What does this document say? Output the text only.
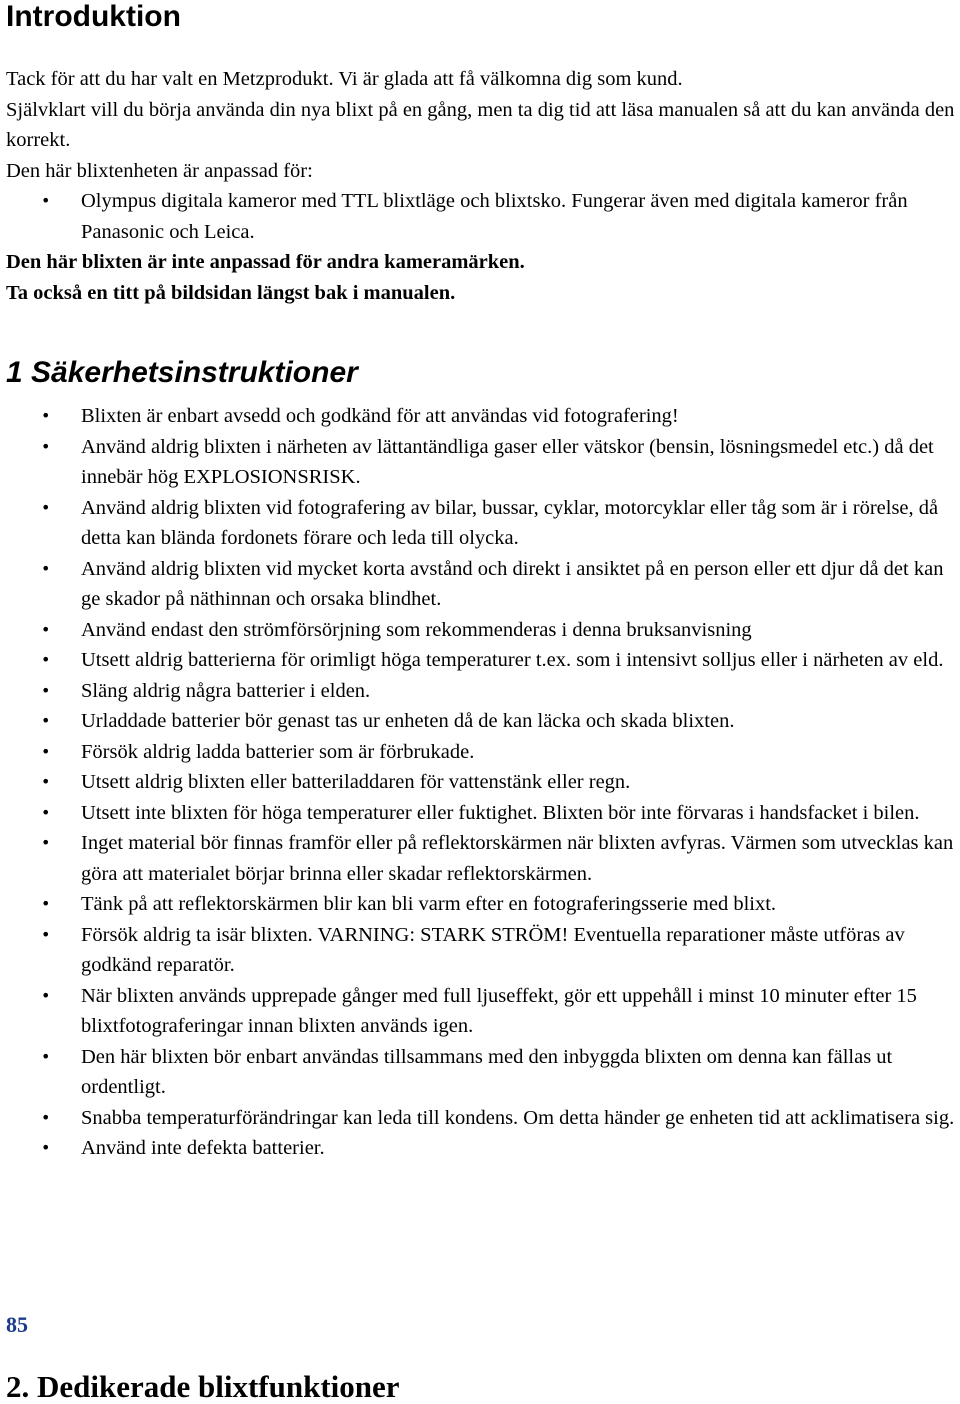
Introduktion

Tack för att du har valt en Metzprodukt. Vi är glada att få välkomna dig som kund.

Självklart vill du börja använda din nya blixt på en gång, men ta dig tid att läsa manualen så att du kan använda den korrekt.

Den här blixtenheten är anpassad för:

• Olympus digitala kameror med TTL blixtläge och blixtsko. Fungerar även med digitala kameror från Panasonic och Leica.

Den här blixten är inte anpassad för andra kameramärken.

Ta också en titt på bildsidan längst bak i manualen.

1 Säkerhetsinstruktioner
• Blixten är enbart avsedd och godkänd för att användas vid fotografering!
• Använd aldrig blixten i närheten av lättantändliga gaser eller vätskor (bensin, lösningsmedel etc.) då det innebär hög EXPLOSIONSRISK.
• Använd aldrig blixten vid fotografering av bilar, bussar, cyklar, motorcyklar eller tåg som är i rörelse, då detta kan blända fordonets förare och leda till olycka.
• Använd aldrig blixten vid mycket korta avstånd och direkt i ansiktet på en person eller ett djur då det kan ge skador på näthinnan och orsaka blindhet.
• Använd endast den strömförsörjning som rekommenderas i denna bruksanvisning
• Utsett aldrig batterierna för orimligt höga temperaturer t.ex. som i intensivt solljus eller i närheten av eld.
• Släng aldrig några batterier i elden.
• Urladdade batterier bör genast tas ur enheten då de kan läcka och skada blixten.
• Försök aldrig ladda batterier som är förbrukade.
• Utsett aldrig blixten eller batteriladdaren för vattenstänk eller regn.
• Utsett inte blixten för höga temperaturer eller fuktighet. Blixten bör inte förvaras i handsfacket i bilen.
• Inget material bör finnas framför eller på reflektorskärmen när blixten avfyras. Värmen som utvecklas kan göra att materialet börjar brinna eller skadar reflektorskärmen.
• Tänk på att reflektorskärmen blir kan bli varm efter en fotograferingsserie med blixt.
• Försök aldrig ta isär blixten. VARNING: STARK STRÖM! Eventuella reparationer måste utföras av godkänd reparatör.
• När blixten används upprepade gånger med full ljuseffekt, gör ett uppehåll i minst 10 minuter efter 15 blixtfotograferingar innan blixten används igen.
• Den här blixten bör enbart användas tillsammans med den inbyggda blixten om denna kan fällas ut ordentligt.
• Snabba temperaturförändringar kan leda till kondens. Om detta händer ge enheten tid att acklimatisera sig.
• Använd inte defekta batterier.
85
2. Dedikerade blixtfunktioner
